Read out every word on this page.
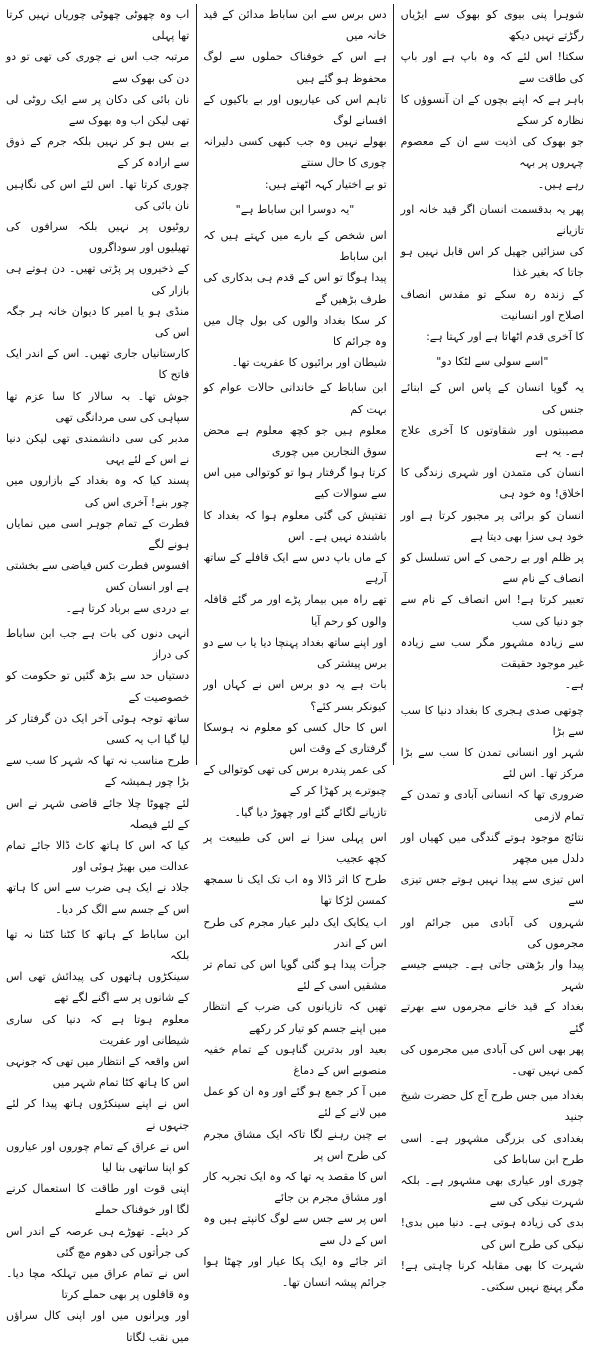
اب وہ چھوٹی چھوٹی چوریاں نہیں کرتا تھا پہلی
مرتبہ جب اس نے چوری کی تھی تو دو دن کی بھوک سے
نان بائی کی دکان پر سے ایک روٹی لی تھی لیکن اب وہ بھوک سے
بے بس ہو کر نہیں بلکہ جرم کے ذوق سے ارادہ کر کے
چوری کرتا تھا۔ اس لئے اس کی نگاہیں نان بائی کی
روٹیوں پر نہیں بلکہ سرافوں کی تھیلیوں اور سوداگروں
کے ذخیروں پر پڑتی تھیں۔ دن ہوتے ہی بازار کی
منڈی ہو یا امیر کا دیوان خانہ ہر جگہ اس کی
کارستانیاں جاری تھیں۔ اس کے اندر ایک فاتح کا
جوش تھا۔ بہ سالار کا سا عزم تھا سپاہی کی سی مردانگی تھی
مدبر کی سی دانشمندی تھی لیکن دنیا نے اس کے لئے یہی
پسند کیا کہ وہ بغداد کے بازاروں میں چور بنے! آخری اس کی
فطرت کے تمام جوہر اسی میں نمایاں ہونے لگے
افسوس فطرت کس فیاضی سے بخشتی ہے اور انسان کس
بے دردی سے برباد کرتا ہے۔

انہی دنوں کی بات ہے جب ابن ساباط کی دراز
دستیاں حد سے بڑھ گئیں تو حکومت کو خصوصیت کے
ساتھ توجہ ہوئی آخر ایک دن گرفتار کر لیا گیا اب یہ کسی
طرح مناسب نہ تھا کہ شہر کا سب سے بڑا چور ہمیشہ کے
لئے چھوٹا چلا جائے قاضی شہر نے اس کے لئے فیصلہ
کیا کہ اس کا ہاتھ کاٹ ڈالا جائے تمام عدالت میں بھیڑ ہوئی اور
جلاد نے ایک ہی ضرب سے اس کا ہاتھ اس کے جسم سے الگ کر دیا۔

ابن ساباط کے ہاتھ کا کٹنا کٹنا نہ تھا بلکہ
سینکڑوں ہاتھوں کی پیدائش تھی اس کے شانوں پر سے اگنے لگے تھے
معلوم ہوتا ہے کہ دنیا کی ساری شیطانی اور عفریت
اس واقعہ کے انتظار میں تھی کہ جونہی اس کا ہاتھ کٹا تمام شہر میں
اس نے اپنے سینکڑوں ہاتھ پیدا کر لئے جنہوں نے
اس نے عراق کے تمام چوروں اور عیاروں کو اپنا ساتھی بنا لیا
اپنی قوت اور طاقت کا استعمال کرنے لگا اور خوفناک حملے
کر دیئے۔ تھوڑے ہی عرصہ کے اندر اس کی جرأتوں کی دھوم مچ گئی
اس نے تمام عراق میں تہلکہ مچا دیا۔ وہ قافلوں پر بھی حملے کرتا
اور ویرانوں میں اور اپنی کال سراؤں میں نقب لگاتا

دس برس سے ابن ساباط مدائن کے قید خانہ میں
ہے اس کے خوفناک حملوں سے لوگ محفوظ ہو گئے ہیں
تاہم اس کی عیاریوں اور بے باکیوں کے افسانے لوگ
بھولے نہیں وہ جب کبھی کسی دلیرانہ چوری کا حال سنتے
تو بے اختیار کہہ اٹھتے ہیں:

"یہ دوسرا ابن ساباط ہے"

اس شخص کے بارے میں کہتے ہیں کہ ابن ساباط
پیدا ہوگا تو اس کے قدم ہی بدکاری کی طرف بڑھیں گے
کر سکا بغداد والوں کی بول چال میں وہ جرائم کا
شیطان اور برائیوں کا عفریت تھا۔

ابن ساباط کے خاندانی حالات عوام کو بہت کم
معلوم ہیں جو کچھ معلوم ہے محض سوق النجارین میں چوری
کرتا ہوا گرفتار ہوا تو کوتوالی میں اس سے سوالات کیے
تفتیش کی گئی معلوم ہوا کہ بغداد کا باشندہ نہیں ہے۔ اس
کے ماں باپ دس سے ایک قافلے کے ساتھ آرہے
تھے راہ میں بیمار پڑے اور مر گئے قافلہ والوں کو رحم آیا
اور اپنے ساتھ بغداد پہنچا دیا یا ب سے دو برس پیشتر کی
بات ہے یہ دو برس اس نے کہاں اور کیونکر بسر کئے؟
اس کا حال کسی کو معلوم نہ ہوسکا گرفتاری کے وقت اس
کی عمر پندرہ برس کی تھی کوتوالی کے چبوترے پر کھڑا کر کے
تازیانے لگائے گئے اور چھوڑ دیا گیا۔

اس پہلی سزا نے اس کی طبیعت پر کچھ عجیب
طرح کا اثر ڈالا وہ اب تک ایک نا سمجھ کمسن لڑکا تھا
اب یکایک ایک دلیر عیار مجرم کی طرح اس کے اندر
جرأت پیدا ہو گئی گویا اس کی تمام تر مشقیں اسی کے لئے
تھیں کہ تازیانوں کی ضرب کے انتظار میں اپنے جسم کو تیار کر رکھے
بعید اور بدترین گناہوں کے تمام خفیہ منصوبے اس کے دماغ
میں آ کر جمع ہو گئے اور وہ ان کو عمل میں لانے کے لئے
بے چین رہنے لگا تاکہ ایک مشاق مجرم کی طرح اس پر
اس کا مقصد یہ تھا کہ وہ ایک تجربہ کار اور مشاق مجرم بن جائے
اس پر سے جس سے لوگ کانپتے ہیں وہ اس کے دل سے
اتر جائے وہ ایک پکا عیار اور چھٹا ہوا جرائم پیشہ انسان تھا۔

شوہرا پنی بیوی کو بھوک سے ایڑیاں رگڑتے نہیں دیکھ
سکتا! اس لئے کہ وہ باپ ہے اور باپ کی طاقت سے
باہر ہے کہ اپنے بچوں کے ان آنسوؤں کا نظارہ کر سکے
جو بھوک کی اذیت سے ان کے معصوم چہروں پر بہہ
رہے ہیں۔

پھر یہ بدقسمت انسان اگر قید خانہ اور تازیانے
کی سزائیں جھیل کر اس قابل نہیں ہو جاتا کہ بغیر غذا
کے زندہ رہ سکے تو مقدس انصاف اصلاح اور انسانیت
کا آخری قدم اٹھاتا ہے اور کہتا ہے:

"اسے سولی سے لٹکا دو"

یہ گویا انسان کے پاس اس کے ابنائے جنس کی
مصیبتوں اور شقاوتوں کا آخری علاج ہے۔ یہ ہے
انسان کی متمدن اور شہری زندگی کا اخلاق! وہ خود ہی
انسان کو برائی پر مجبور کرتا ہے اور خود ہی سزا بھی دیتا ہے
پر ظلم اور بے رحمی کے اس تسلسل کو انصاف کے نام سے
تعبیر کرتا ہے! اس انصاف کے نام سے جو دنیا کی سب
سے زیادہ مشہور مگر سب سے زیادہ غیر موجود حقیقت
ہے۔

چوتھی صدی ہجری کا بغداد دنیا کا سب سے بڑا
شہر اور انسانی تمدن کا سب سے بڑا مرکز تھا۔ اس لئے
ضروری تھا کہ انسانی آبادی و تمدن کے تمام لازمی
نتائج موجود ہوتے گندگی میں کھیاں اور دلدل میں مچھر
اس تیزی سے پیدا نہیں ہوتے جس تیزی سے
شہروں کی آبادی میں جرائم اور مجرموں کی
پیدا وار بڑھتی جاتی ہے۔ جیسے جیسے شہر
بغداد کے قید خانے مجرموں سے بھرتے گئے
پھر بھی اس کی آبادی میں مجرموں کی کمی نہیں تھی۔

بغداد میں جس طرح آج کل حضرت شیخ جنید
بغدادی کی بزرگی مشہور ہے۔ اسی طرح ابن ساباط کی
چوری اور عیاری بھی مشہور ہے۔ بلکہ شہرت نیکی کی سے
بدی کی زیادہ ہوتی ہے۔ دنیا میں بدی! نیکی کی طرح اس کی
شہرت کا بھی مقابلہ کرنا چاہتی ہے! مگر پہنچ نہیں سکتی۔
